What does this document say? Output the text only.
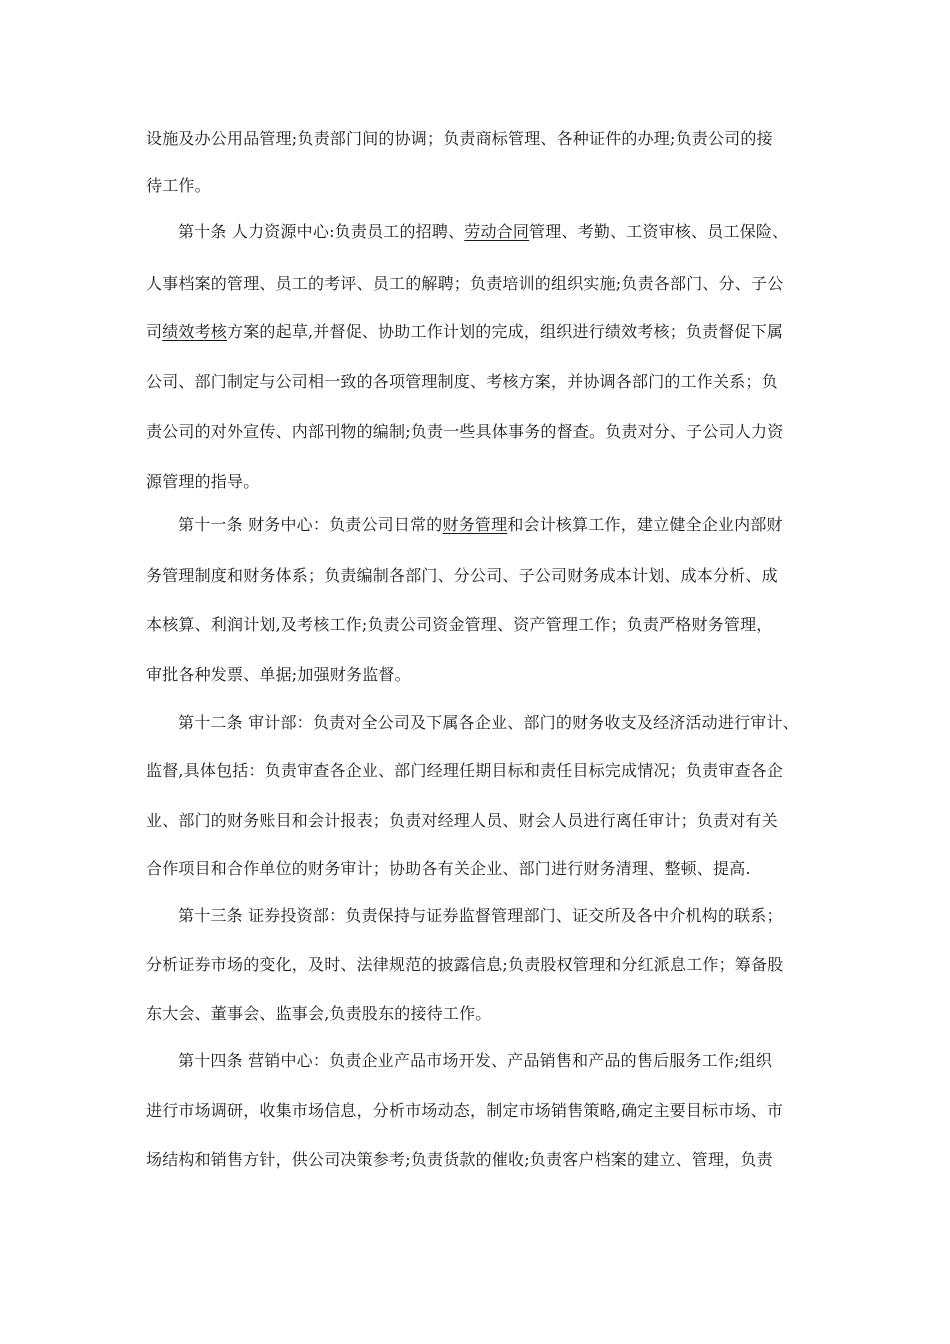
设施及办公用品管理;负责部门间的协调；负责商标管理、各种证件的办理;负责公司的接
待工作。
第十条 人力资源中心:负责员工的招聘、劳动合同管理、考勤、工资审核、员工保险、
人事档案的管理、员工的考评、员工的解聘；负责培训的组织实施;负责各部门、分、子公
司绩效考核方案的起草,并督促、协助工作计划的完成，组织进行绩效考核；负责督促下属
公司、部门制定与公司相一致的各项管理制度、考核方案，并协调各部门的工作关系；负
责公司的对外宣传、内部刊物的编制;负责一些具体事务的督查。负责对分、子公司人力资
源管理的指导。
第十一条 财务中心：负责公司日常的财务管理和会计核算工作，建立健全企业内部财
务管理制度和财务体系；负责编制各部门、分公司、子公司财务成本计划、成本分析、成
本核算、利润计划,及考核工作;负责公司资金管理、资产管理工作；负责严格财务管理，
审批各种发票、单据;加强财务监督。
第十二条 审计部：负责对全公司及下属各企业、部门的财务收支及经济活动进行审计、
监督,具体包括：负责审查各企业、部门经理任期目标和责任目标完成情况；负责审查各企
业、部门的财务账目和会计报表；负责对经理人员、财会人员进行离任审计；负责对有关
合作项目和合作单位的财务审计；协助各有关企业、部门进行财务清理、整顿、提高.
第十三条 证券投资部：负责保持与证券监督管理部门、证交所及各中介机构的联系；
分析证券市场的变化，及时、法律规范的披露信息;负责股权管理和分红派息工作；筹备股
东大会、董事会、监事会,负责股东的接待工作。
第十四条 营销中心：负责企业产品市场开发、产品销售和产品的售后服务工作;组织
进行市场调研，收集市场信息，分析市场动态，制定市场销售策略,确定主要目标市场、市
场结构和销售方针，供公司决策参考;负责货款的催收;负责客户档案的建立、管理，负责
